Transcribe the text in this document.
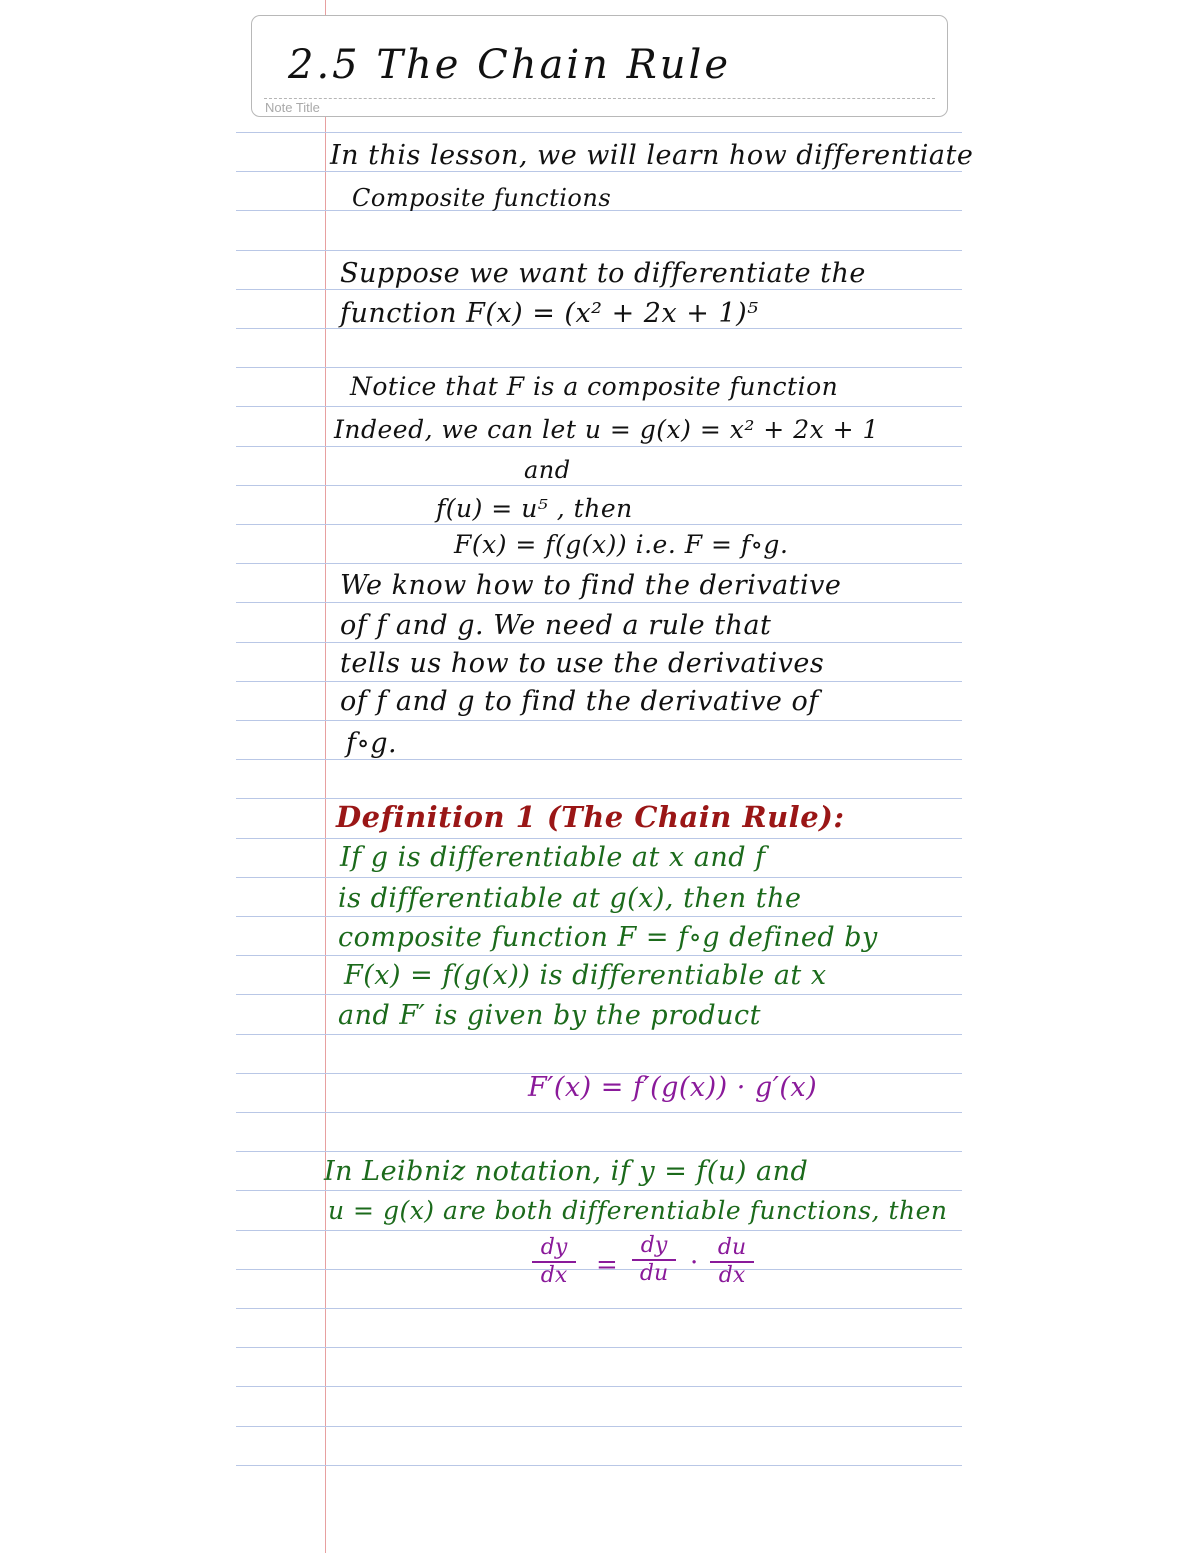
2.5 The Chain Rule
Note Title
In this lesson, we will learn how differentiate
Composite functions
Suppose we want to differentiate the
function F(x) = (x² + 2x + 1)⁵
Notice that F is a composite function
Indeed, we can let u = g(x) = x² + 2x + 1
and
f(u) = u⁵ , then
F(x) = f(g(x)) i.e. F = f∘g.
We know how to find the derivative
of f and g. We need a rule that
tells us how to use the derivatives
of f and g to find the derivative of
f∘g.
Definition 1 (The Chain Rule):
If g is differentiable at x and f
is differentiable at g(x), then the
composite function F = f∘g defined by
F(x) = f(g(x)) is differentiable at x
and F′ is given by the product
F′(x) = f′(g(x)) · g′(x)
In Leibniz notation, if y = f(u) and
u = g(x) are both differentiable functions, then
dy
dx =
dy
du ·
du
dx
